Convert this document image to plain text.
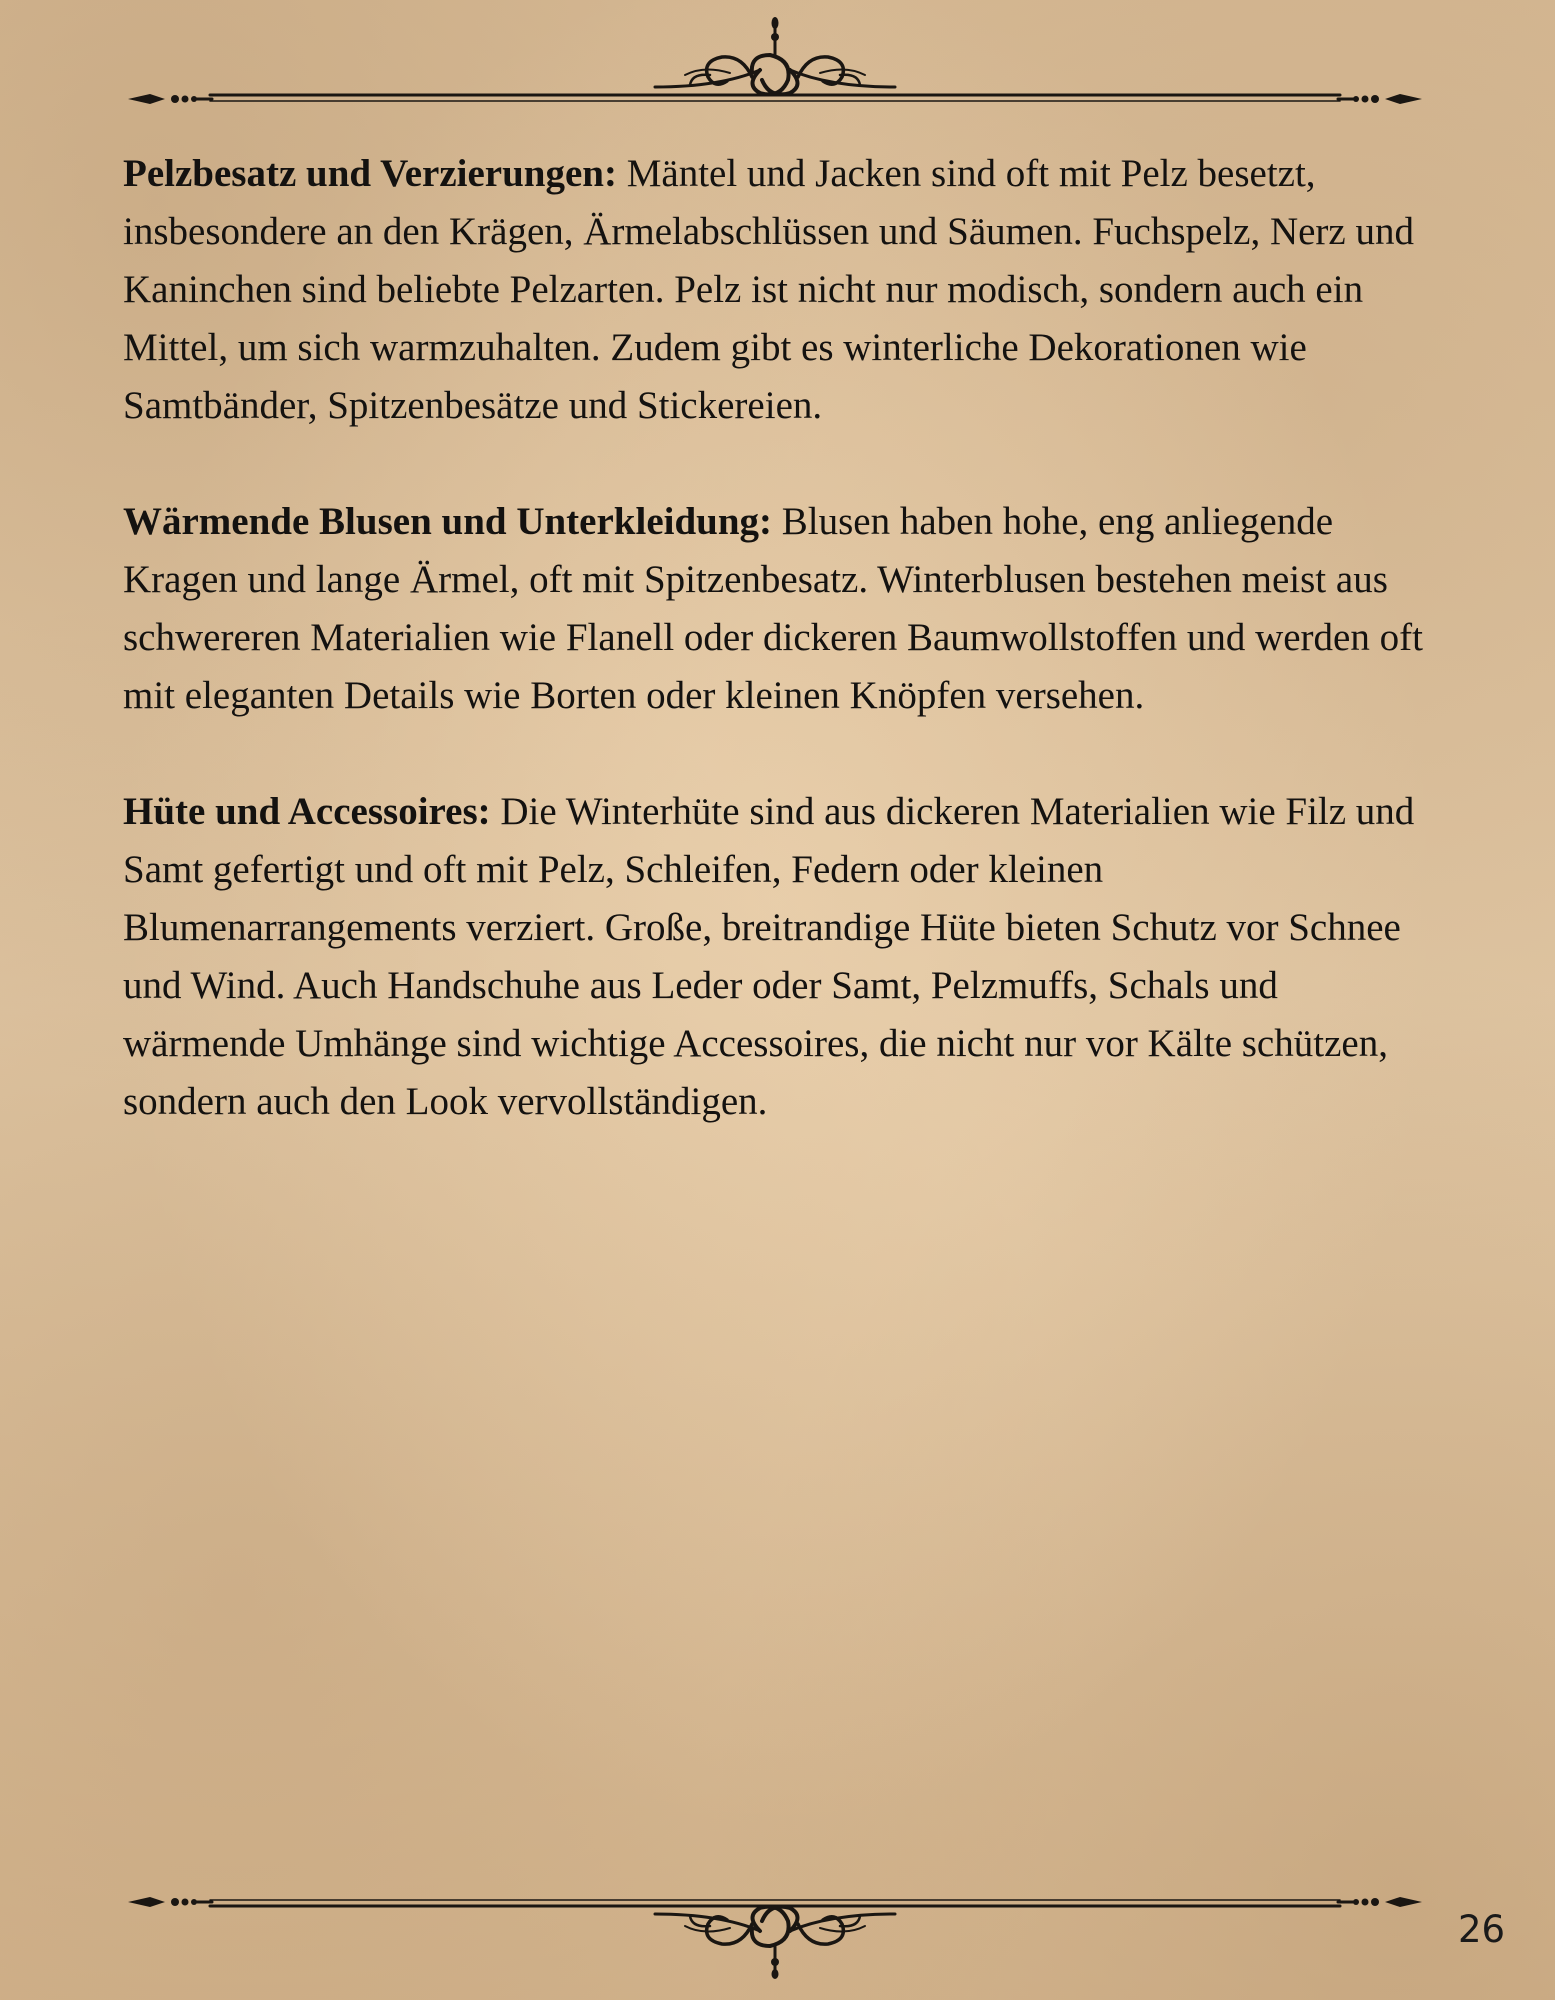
Pelzbesatz und Verzierungen: Mäntel und Jacken sind oft mit Pelz besetzt, insbesondere an den Krägen, Ärmelabschlüssen und Säumen. Fuchspelz, Nerz und Kaninchen sind beliebte Pelzarten. Pelz ist nicht nur modisch, sondern auch ein Mittel, um sich warmzuhalten. Zudem gibt es winterliche Dekorationen wie Samtbänder, Spitzenbesätze und Stickereien.

Wärmende Blusen und Unterkleidung: Blusen haben hohe, eng anliegende Kragen und lange Ärmel, oft mit Spitzenbesatz. Winterblusen bestehen meist aus schwereren Materialien wie Flanell oder dickeren Baumwollstoffen und werden oft mit eleganten Details wie Borten oder kleinen Knöpfen versehen.

Hüte und Accessoires: Die Winterhüte sind aus dickeren Materialien wie Filz und Samt gefertigt und oft mit Pelz, Schleifen, Federn oder kleinen Blumenarrangements verziert. Große, breitrandige Hüte bieten Schutz vor Schnee und Wind. Auch Handschuhe aus Leder oder Samt, Pelzmuffs, Schals und wärmende Umhänge sind wichtige Accessoires, die nicht nur vor Kälte schützen, sondern auch den Look vervollständigen.

26
